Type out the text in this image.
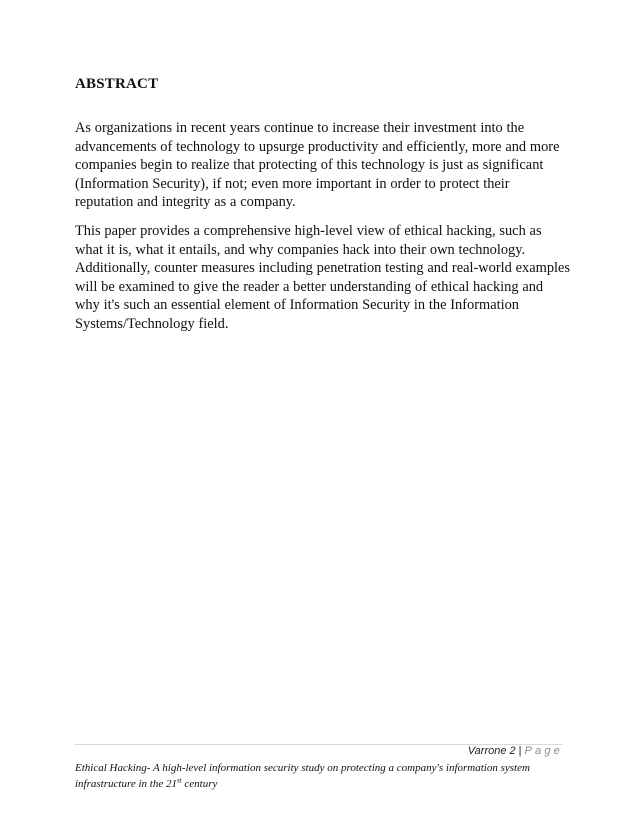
ABSTRACT

As organizations in recent years continue to increase their investment into the advancements of technology to upsurge productivity and efficiently, more and more companies begin to realize that protecting of this technology is just as significant (Information Security), if not; even more important in order to protect their reputation and integrity as a company.

This paper provides a comprehensive high-level view of ethical hacking, such as what it is, what it entails, and why companies hack into their own technology. Additionally, counter measures including penetration testing and real-world examples will be examined to give the reader a better understanding of ethical hacking and why it's such an essential element of Information Security in the Information Systems/Technology field.

Varrone 2 | Page

Ethical Hacking- A high-level information security study on protecting a company's information system infrastructure in the 21st century
